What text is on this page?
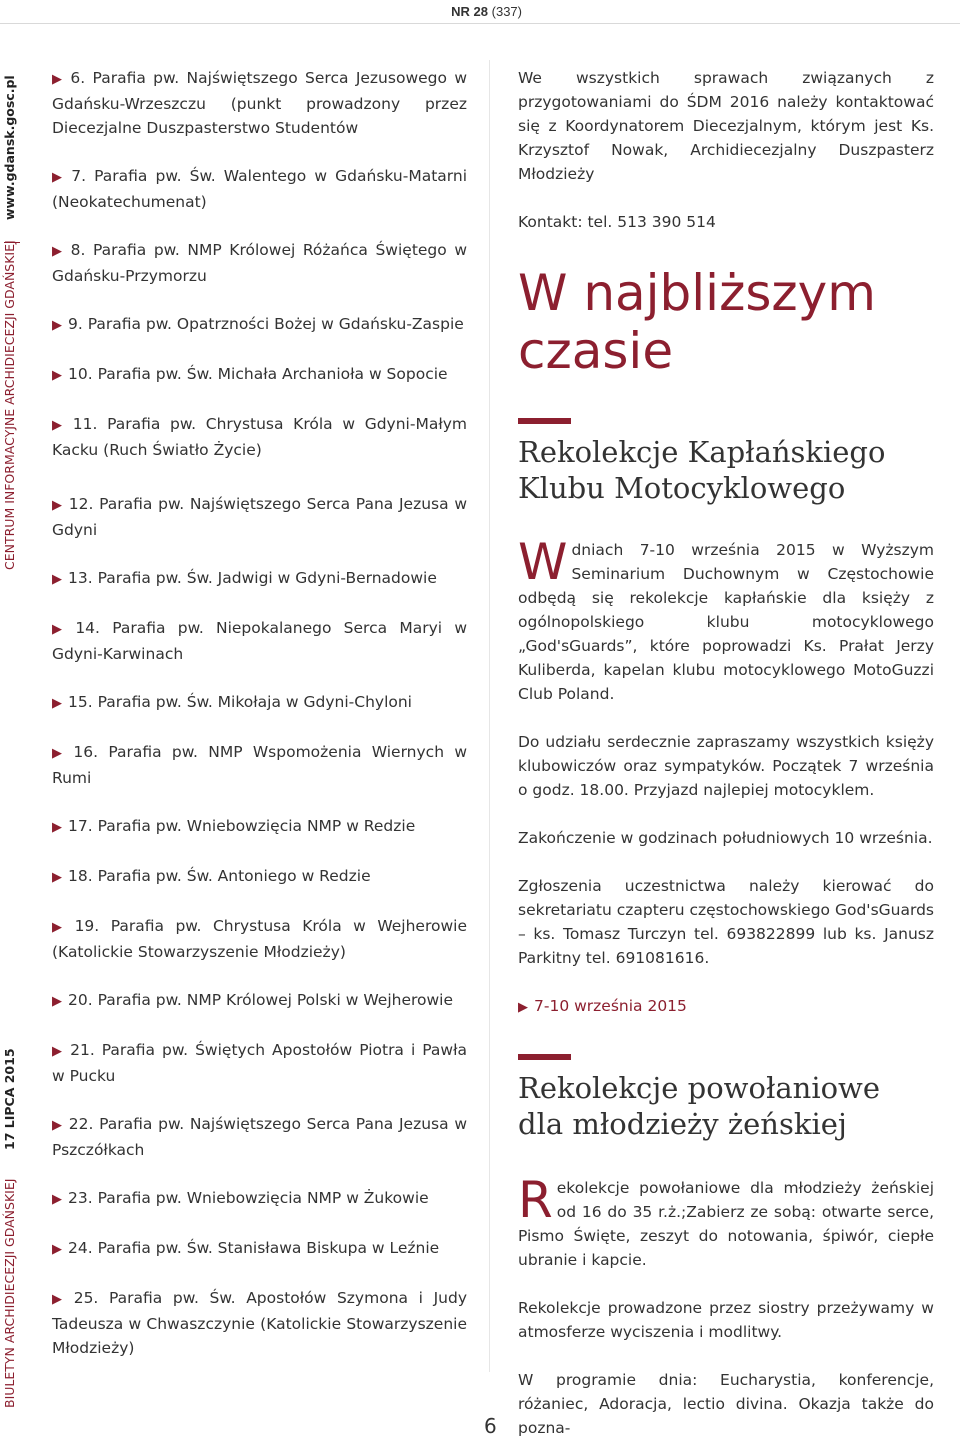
NR 28 (337)
www.gdansk.gosc.pl
CENTRUM INFORMACYJNE ARCHIDIECEZJI GDAŃSKIEJ
17 LIPCA 2015
BIULETYN ARCHIDIECEZJI GDAŃSKIEJ

▶ 6. Parafia pw. Najświętszego Serca Jezusowego w Gdańsku-Wrzeszczu (punkt prowadzony przez Diecezjalne Duszpasterstwo Studentów

▶ 7. Parafia pw. Św. Walentego w Gdańsku-Matarni (Neokatechumenat)

▶ 8. Parafia pw. NMP Królowej Różańca Świętego w Gdańsku-Przymorzu

▶ 9. Parafia pw. Opatrzności Bożej w Gdańsku-Zaspie

▶ 10. Parafia pw. Św. Michała Archanioła w Sopocie

▶ 11. Parafia pw. Chrystusa Króla w Gdyni-Małym Kacku (Ruch Światło Życie)

▶ 12. Parafia pw. Najświętszego Serca Pana Jezusa w Gdyni

▶ 13. Parafia pw. Św. Jadwigi w Gdyni-Bernadowie

▶ 14. Parafia pw. Niepokalanego Serca Maryi w Gdyni-Karwinach

▶ 15. Parafia pw. Św. Mikołaja w Gdyni-Chyloni

▶ 16. Parafia pw. NMP Wspomożenia Wiernych w Rumi

▶ 17. Parafia pw. Wniebowzięcia NMP w Redzie

▶ 18. Parafia pw. Św. Antoniego w Redzie

▶ 19. Parafia pw. Chrystusa Króla w Wejherowie (Katolickie Stowarzyszenie Młodzieży)

▶ 20. Parafia pw. NMP Królowej Polski w Wejherowie

▶ 21. Parafia pw. Świętych Apostołów Piotra i Pawła w Pucku

▶ 22. Parafia pw. Najświętszego Serca Pana Jezusa w Pszczółkach

▶ 23. Parafia pw. Wniebowzięcia NMP w Żukowie

▶ 24. Parafia pw. Św. Stanisława Biskupa w Leźnie

▶ 25. Parafia pw. Św. Apostołów Szymona i Judy Tadeusza w Chwaszczynie (Katolickie Stowarzyszenie Młodzieży)

We wszystkich sprawach związanych z przygotowaniami do ŚDM 2016 należy kontaktować się z Koordynatorem Diecezjalnym, którym jest Ks. Krzysztof Nowak, Archidiecezjalny Duszpasterz Młodzieży

Kontakt: tel. 513 390 514

W najbliższym czasie
Rekolekcje Kapłańskiego Klubu Motocyklowego
W dniach 7-10 września 2015 w Wyższym Seminarium Duchownym w Częstochowie odbędą się rekolekcje kapłańskie dla księży z ogólnopolskiego klubu motocyklowego „God'sGuards”, które poprowadzi Ks. Prałat Jerzy Kuliberda, kapelan klubu motocyklowego MotoGuzzi Club Poland.

Do udziału serdecznie zapraszamy wszystkich księży klubowiczów oraz sympatyków. Początek 7 września o godz. 18.00. Przyjazd najlepiej motocyklem.

Zakończenie w godzinach południowych 10 września.

Zgłoszenia uczestnictwa należy kierować do sekretariatu czapteru częstochowskiego God'sGuards – ks. Tomasz Turczyn tel. 693822899 lub ks. Janusz Parkitny tel. 691081616.

▶ 7-10 września 2015

Rekolekcje powołaniowe dla młodzieży żeńskiej
R ekolekcje powołaniowe dla młodzieży żeńskiej od 16 do 35 r.ż.;Zabierz ze sobą: otwarte serce, Pismo Święte, zeszyt do notowania, śpiwór, ciepłe ubranie i kapcie.

Rekolekcje prowadzone przez siostry przeżywamy w atmosferze wyciszenia i modlitwy.

W programie dnia: Eucharystia, konferencje, różaniec, Adoracja, lectio divina. Okazja także do pozna-

6
